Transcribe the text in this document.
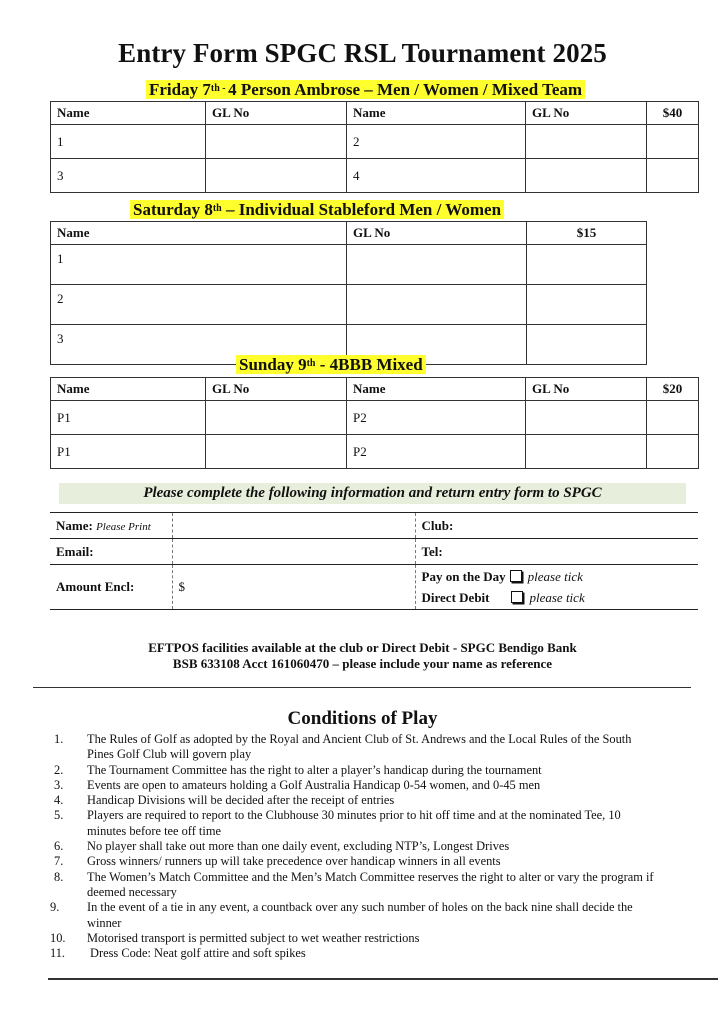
Entry Form SPGC RSL Tournament 2025
Friday $7^{th -}$ 4 Person Ambrose – Men / Women / Mixed Team
Name	GL No	Name	GL No	$40
1		2		
3		4		
Saturday 8th – Individual Stableford Men / Women
Name	GL No	$15
1		
2		
3		
Sunday 9th - 4BBB Mixed
Name	GL No	Name	GL No	$20
P1		P2		
P1		P2		
Please complete the following information and return entry form to SPGC
Name: Please Print		Club:
Email:		Tel:
Amount Encl:	$	Pay on the Day please tick
Direct Debit please tick
EFTPOS facilities available at the club or Direct Debit - SPGC Bendigo Bank
BSB 633108 Acct 161060470 – please include your name as reference
Conditions of Play
1. The Rules of Golf as adopted by the Royal and Ancient Club of St. Andrews and the Local Rules of the South Pines Golf Club will govern play
2. The Tournament Committee has the right to alter a player’s handicap during the tournament
3. Events are open to amateurs holding a Golf Australia Handicap 0-54 women, and 0-45 men
4. Handicap Divisions will be decided after the receipt of entries
5. Players are required to report to the Clubhouse 30 minutes prior to hit off time and at the nominated Tee, 10 minutes before tee off time
6. No player shall take out more than one daily event, excluding NTP’s, Longest Drives
7. Gross winners/ runners up will take precedence over handicap winners in all events
8. The Women’s Match Committee and the Men’s Match Committee reserves the right to alter or vary the program if deemed necessary
9. In the event of a tie in any event, a countback over any such number of holes on the back nine shall decide the winner
10. Motorised transport is permitted subject to wet weather restrictions
11. Dress Code: Neat golf attire and soft spikes
